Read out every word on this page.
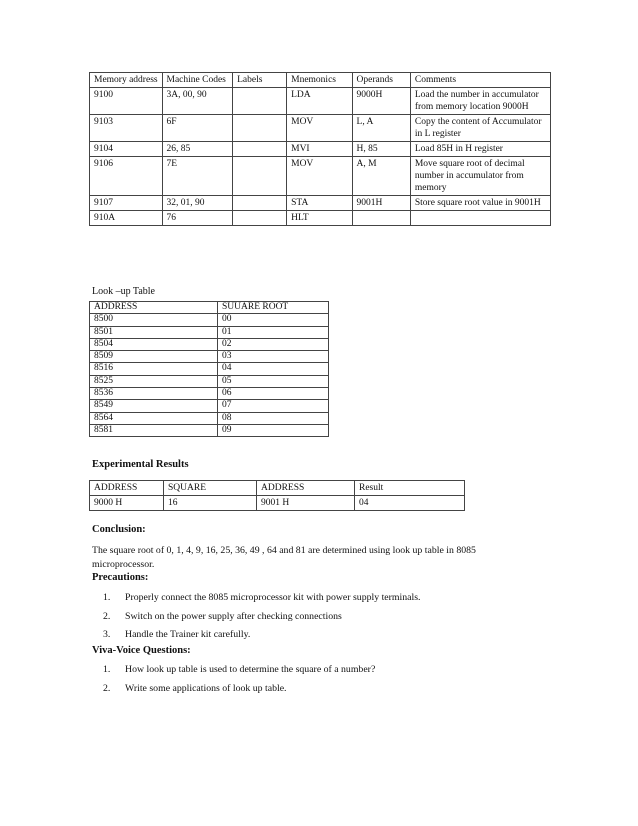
Memory address	Machine Codes	Labels	Mnemonics	Operands	Comments
9100	3A, 00, 90		LDA	9000H	Load the number in accumulator from memory location 9000H
9103	6F		MOV	L, A	Copy the content of Accumulator in L register
9104	26, 85		MVI	H, 85	Load 85H in H register
9106	7E		MOV	A, M	Move square root of decimal number in accumulator from memory
9107	32, 01, 90		STA	9001H	Store square root value in 9001H
910A	76		HLT		
Look –up Table
ADDRESS	SUUARE ROOT
8500	00
8501	01
8504	02
8509	03
8516	04
8525	05
8536	06
8549	07
8564	08
8581	09
Experimental Results
ADDRESS	SQUARE	ADDRESS	Result
9000 H	16	9001 H	04
Conclusion:
The square root of 0, 1, 4, 9, 16, 25, 36, 49 , 64 and 81 are determined using look up table in 8085 microprocessor.
Precautions:
1. Properly connect the 8085 microprocessor kit with power supply terminals.
2. Switch on the power supply after checking connections
3. Handle the Trainer kit carefully.
Viva-Voice Questions:
1. How look up table is used to determine the square of a number?
2. Write some applications of look up table.
